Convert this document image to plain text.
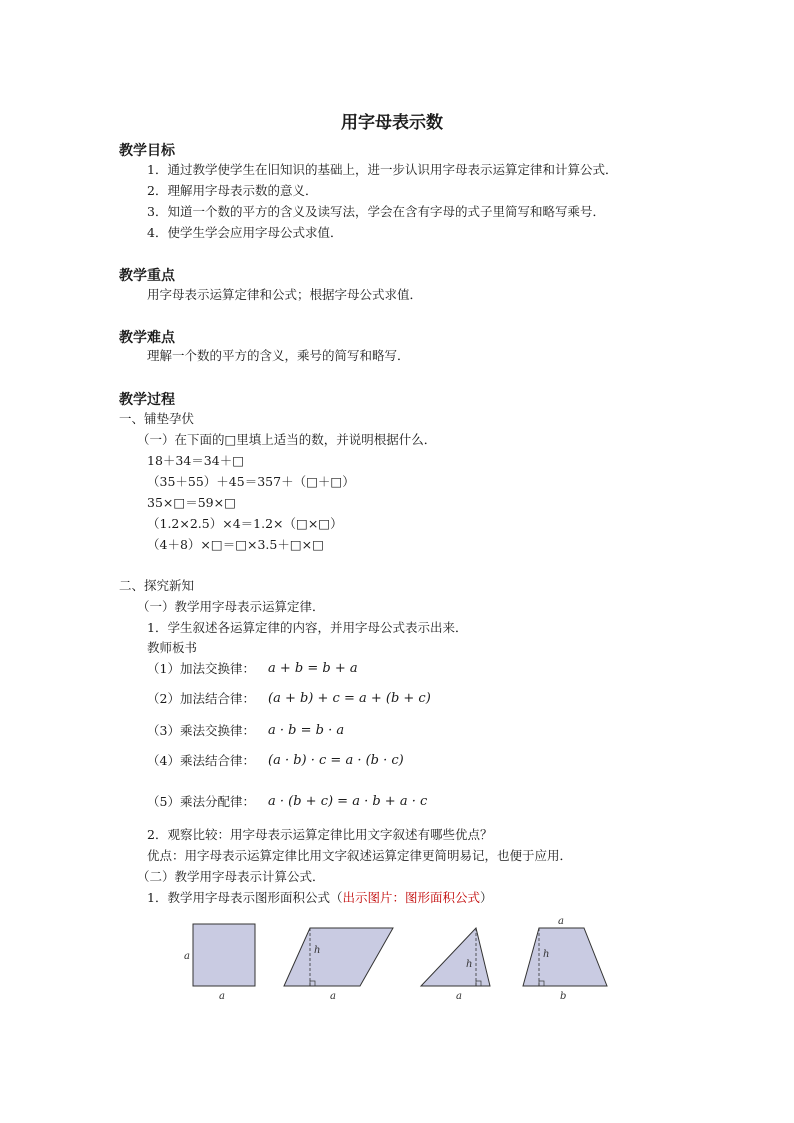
用字母表示数
教学目标
1．通过教学使学生在旧知识的基础上，进一步认识用字母表示运算定律和计算公式．
2．理解用字母表示数的意义．
3．知道一个数的平方的含义及读写法，学会在含有字母的式子里简写和略写乘号．
4．使学生学会应用字母公式求值．
教学重点
用字母表示运算定律和公式；根据字母公式求值．
教学难点
理解一个数的平方的含义，乘号的简写和略写．
教学过程
一、铺垫孕伏
（一）在下面的□里填上适当的数，并说明根据什么．
18＋34＝34＋□
（35＋55）＋45＝357＋（□＋□）
35×□＝59×□
（1.2×2.5）×4＝1.2×（□×□）
（4＋8）×□＝□×3.5＋□×□
二、探究新知
（一）教学用字母表示运算定律．
1．学生叙述各运算定律的内容，并用字母公式表示出来．
教师板书
（1）加法交换律： a + b = b + a
（2）加法结合律： (a + b) + c = a + (b + c)
（3）乘法交换律： a · b = b · a
（4）乘法结合律： (a · b) · c = a · (b · c)
（5）乘法分配律： a · (b + c) = a · b + a · c
2．观察比较：用字母表示运算定律比用文字叙述有哪些优点？
优点：用字母表示运算定律比用文字叙述运算定律更简明易记，也便于应用．
（二）教学用字母表示计算公式．
1．教学用字母表示图形面积公式（出示图片：图形面积公式）
a
a
h
a
h
a
a
h
b
